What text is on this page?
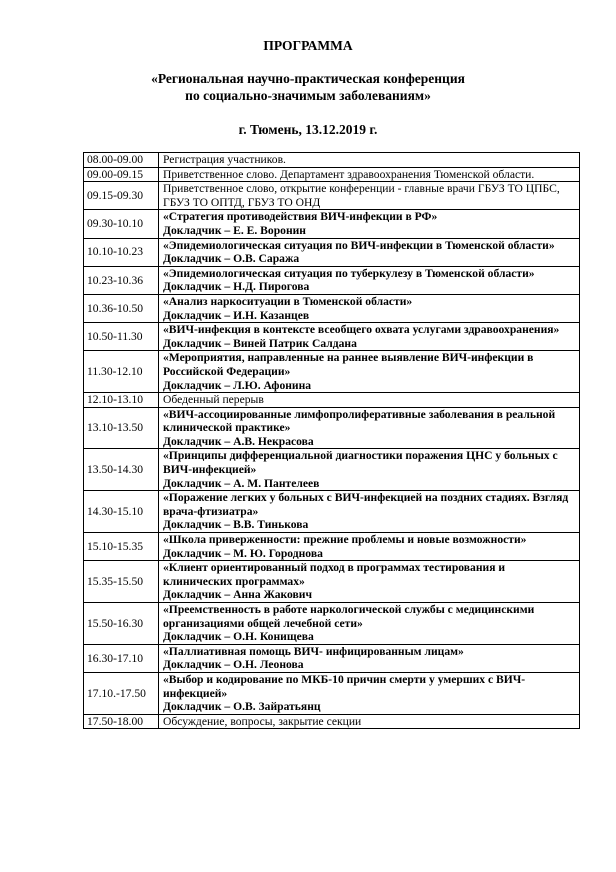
ПРОГРАММА
«Региональная научно-практическая конференция
по социально-значимым заболеваниям»
г. Тюмень, 13.12.2019 г.
08.00-09.00	Регистрация участников.

09.00-09.15	Приветственное слово. Департамент здравоохранения Тюменской области.

09.15-09.30	Приветственное слово, открытие конференции - главные врачи ГБУЗ ТО ЦПБС, ГБУЗ ТО ОПТД, ГБУЗ ТО ОНД

09.30-10.10	«Стратегия противодействия ВИЧ-инфекции в РФ»
Докладчик – Е. Е. Воронин

10.10-10.23	«Эпидемиологическая ситуация по ВИЧ-инфекции в Тюменской области»
Докладчик – О.В. Саража

10.23-10.36	«Эпидемиологическая ситуация по туберкулезу в Тюменской области»
Докладчик – Н.Д. Пирогова

10.36-10.50	«Анализ наркоситуации в Тюменской области»
Докладчик – И.Н. Казанцев

10.50-11.30	«ВИЧ-инфекция в контексте всеобщего охвата услугами здравоохранения»
Докладчик – Виней Патрик Салдана

11.30-12.10	«Мероприятия, направленные на раннее выявление ВИЧ-инфекции в Российской Федерации»
Докладчик – Л.Ю. Афонина

12.10-13.10	Обеденный перерыв

13.10-13.50	«ВИЧ-ассоциированные лимфопролиферативные заболевания в реальной клинической практике»
Докладчик – А.В. Некрасова

13.50-14.30	«Принципы дифференциальной диагностики поражения ЦНС у больных с ВИЧ-инфекцией»
Докладчик – А. М. Пантелеев

14.30-15.10	«Поражение легких у больных с ВИЧ-инфекцией на поздних стадиях. Взгляд врача-фтизиатра»
Докладчик – В.В. Тинькова

15.10-15.35	«Школа приверженности: прежние проблемы и новые возможности»
Докладчик – М. Ю. Городнова

15.35-15.50	«Клиент ориентированный подход в программах тестирования и клинических программах»
Докладчик – Анна Жакович

15.50-16.30	«Преемственность в работе наркологической службы с медицинскими организациями общей лечебной сети»
Докладчик – О.Н. Конищева

16.30-17.10	«Паллиативная помощь ВИЧ- инфицированным лицам»
Докладчик – О.Н. Леонова

17.10.-17.50	«Выбор и кодирование по МКБ-10 причин смерти у умерших с ВИЧ-инфекцией»
Докладчик – О.В. Зайратьянц

17.50-18.00	Обсуждение, вопросы, закрытие секции
